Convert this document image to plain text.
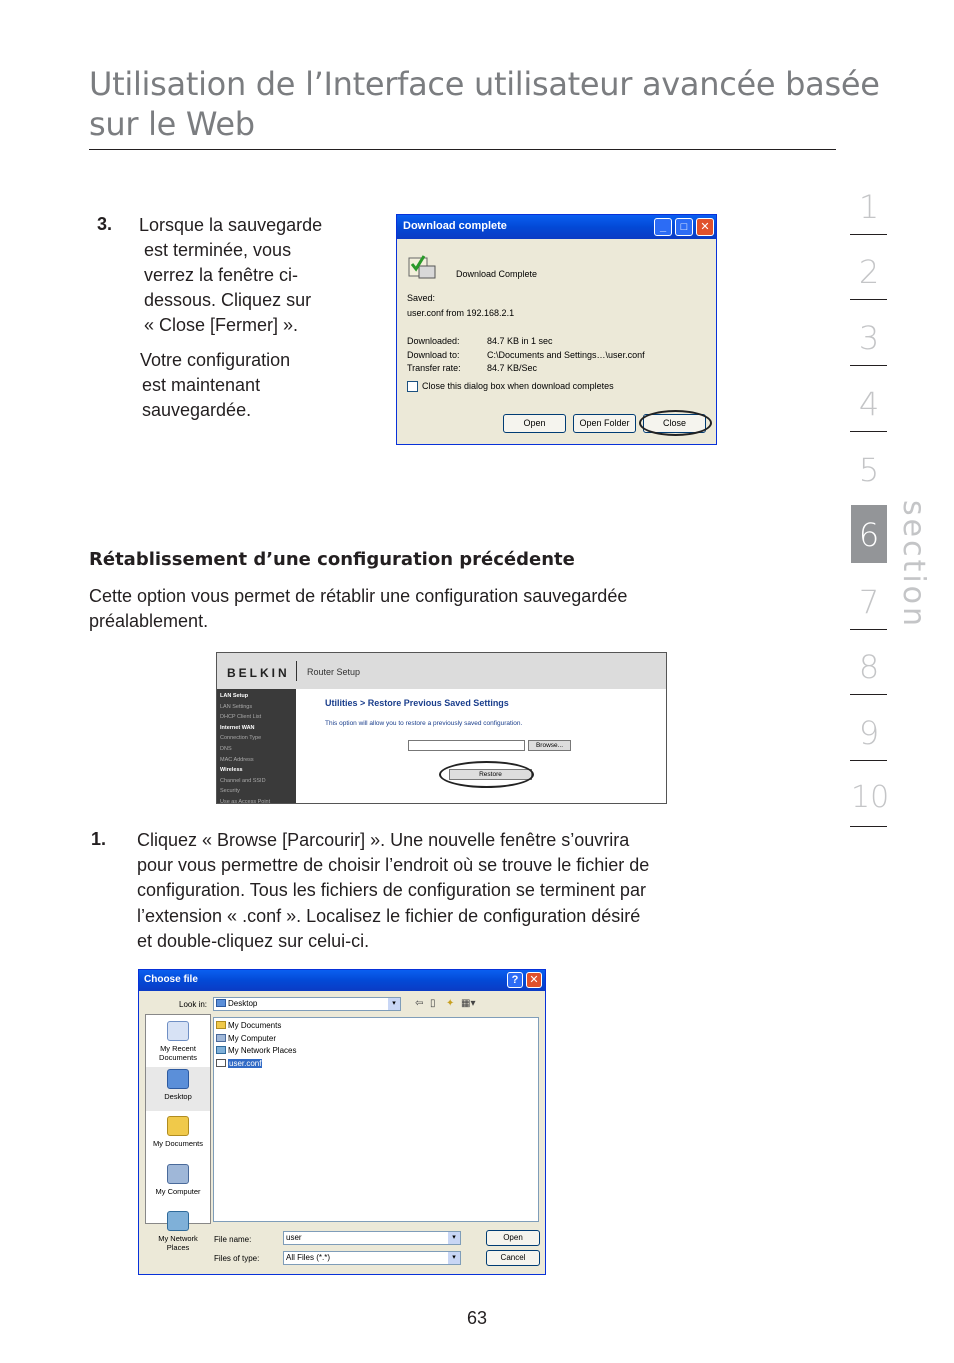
Utilisation de l’Interface utilisateur avancée basée
sur le Web
1
2
3
4
5
6
7
8
9
10
section
3. Lorsque la sauvegarde
est terminée, vous
verrez la fenêtre ci-
dessous. Cliquez sur
« Close [Fermer] ».
Votre configuration
est maintenant
sauvegardée.
Download complete	_	□	✕
Download Complete
Saved:
user.conf from 192.168.2.1
Downloaded:	84.7 KB in 1 sec
Download to:	C:\Documents and Settings…\user.conf
Transfer rate:	84.7 KB/Sec
Close this dialog box when download completes
Open	Open Folder	Close
Rétablissement d’une configuration précédente
Cette option vous permet de rétablir une configuration sauvegardée
préalablement.
BELKIN Router Setup
LAN Setup
LAN Settings
DHCP Client List
Internet WAN
Connection Type
DNS
MAC Address
Wireless
Channel and SSID
Security
Use as Access Point
Utilities > Restore Previous Saved Settings
This option will allow you to restore a previously saved configuration.
Browse...
Restore
1. Cliquez « Browse [Parcourir] ». Une nouvelle fenêtre s’ouvrira
pour vous permettre de choisir l’endroit où se trouve le fichier de
configuration. Tous les fichiers de configuration se terminent par
l’extension « .conf ». Localisez le fichier de configuration désiré
et double-cliquez sur celui-ci.
Choose file	?	✕
Look in:	Desktop	▾	⇦ ▯ ✦ ▦▾
My Recent Documents
Desktop
My Documents
My Computer
My Network Places
My Documents
My Computer
My Network Places
user.conf
File name:	user	▾
Files of type:	All Files (*.*)	▾
Open
Cancel
63
